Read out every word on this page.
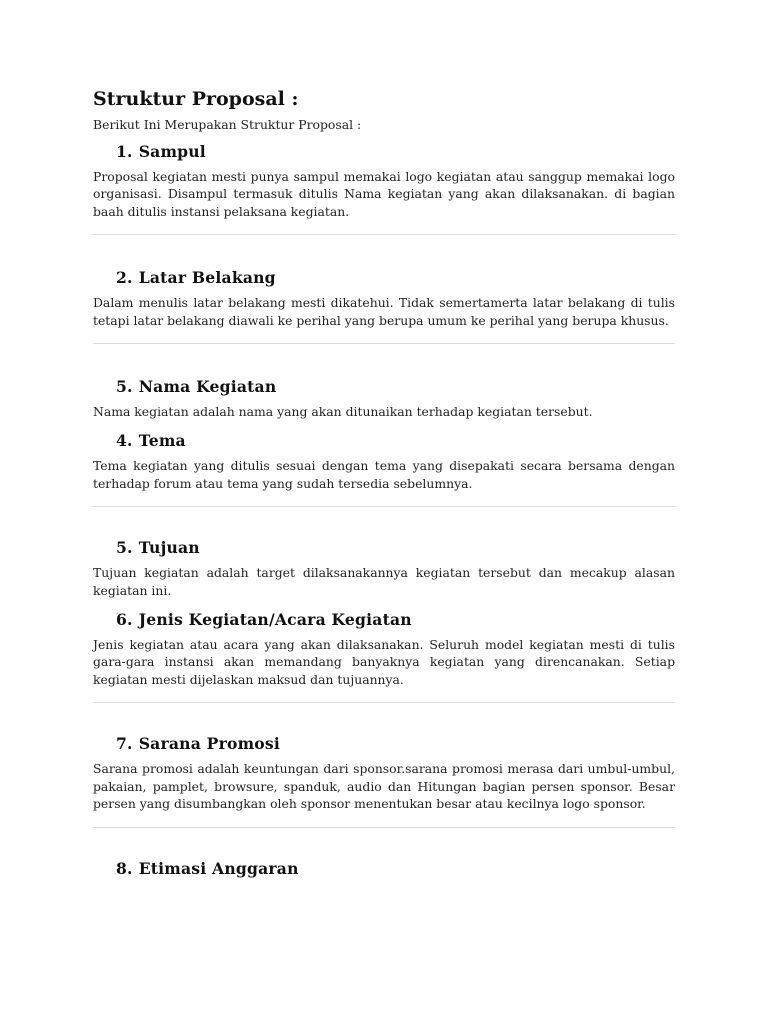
Struktur Proposal :

Berikut Ini Merupakan Struktur Proposal :

1. Sampul

Proposal kegiatan mesti punya sampul memakai logo kegiatan atau sanggup memakai logo organisasi. Disampul termasuk ditulis Nama kegiatan yang akan dilaksanakan. di bagian baah ditulis instansi pelaksana kegiatan.

2. Latar Belakang

Dalam menulis latar belakang mesti dikatehui. Tidak semertamerta latar belakang di tulis tetapi latar belakang diawali ke perihal yang berupa umum ke perihal yang berupa khusus.

5. Nama Kegiatan

Nama kegiatan adalah nama yang akan ditunaikan terhadap kegiatan tersebut.

4. Tema

Tema kegiatan yang ditulis sesuai dengan tema yang disepakati secara bersama dengan terhadap forum atau tema yang sudah tersedia sebelumnya.

5. Tujuan

Tujuan kegiatan adalah target dilaksanakannya kegiatan tersebut dan mecakup alasan kegiatan ini.

6. Jenis Kegiatan/Acara Kegiatan

Jenis kegiatan atau acara yang akan dilaksanakan. Seluruh model kegiatan mesti di tulis gara-gara instansi akan memandang banyaknya kegiatan yang direncanakan. Setiap kegiatan mesti dijelaskan maksud dan tujuannya.

7. Sarana Promosi

Sarana promosi adalah keuntungan dari sponsor.sarana promosi merasa dari umbul-umbul, pakaian, pamplet, browsure, spanduk, audio dan Hitungan bagian persen sponsor. Besar persen yang disumbangkan oleh sponsor menentukan besar atau kecilnya logo sponsor.

8. Etimasi Anggaran
